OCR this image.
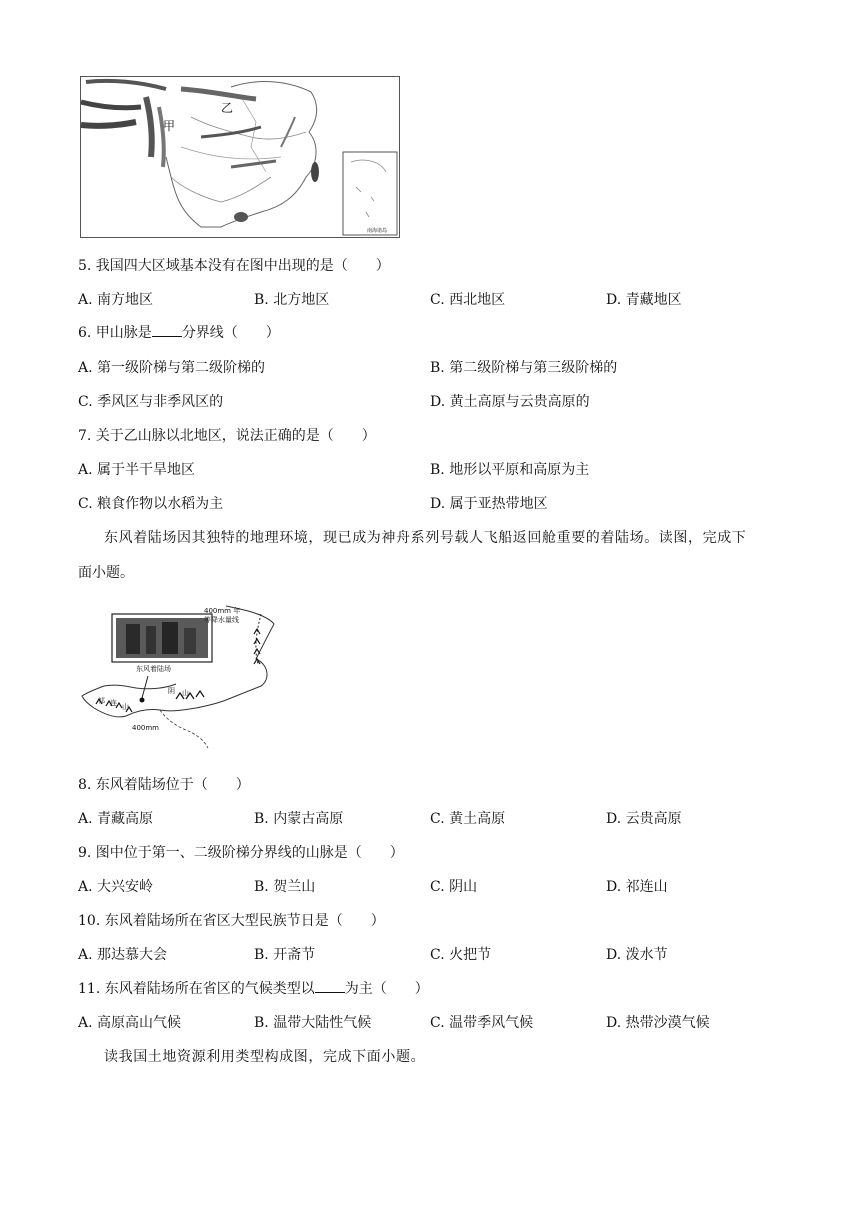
甲
乙
南海诸岛
5. 我国四大区域基本没有在图中出现的是（　　）
A. 南方地区	B. 北方地区	C. 西北地区	D. 青藏地区
6. 甲山脉是 分界线（　　）
A. 第一级阶梯与第二级阶梯的	B. 第二级阶梯与第三级阶梯的
C. 季风区与非季风区的	D. 黄土高原与云贵高原的
7. 关于乙山脉以北地区，说法正确的是（　　）
A. 属于半干旱地区	B. 地形以平原和高原为主
C. 粮食作物以水稻为主	D. 属于亚热带地区
东风着陆场因其独特的地理环境，现已成为神舟系列号载人飞船返回舱重要的着陆场。读图，完成下
面小题。
400mm 年
等降水量线
东风着陆场
阴 山
祁 连 山
400mm
8. 东风着陆场位于（　　）
A. 青藏高原	B. 内蒙古高原	C. 黄土高原	D. 云贵高原
9. 图中位于第一、二级阶梯分界线的山脉是（　　）
A. 大兴安岭	B. 贺兰山	C. 阴山	D. 祁连山
10. 东风着陆场所在省区大型民族节日是（　　）
A. 那达慕大会	B. 开斋节	C. 火把节	D. 泼水节
11. 东风着陆场所在省区的气候类型以 为主（　　）
A. 高原高山气候	B. 温带大陆性气候	C. 温带季风气候	D. 热带沙漠气候
读我国土地资源利用类型构成图，完成下面小题。
